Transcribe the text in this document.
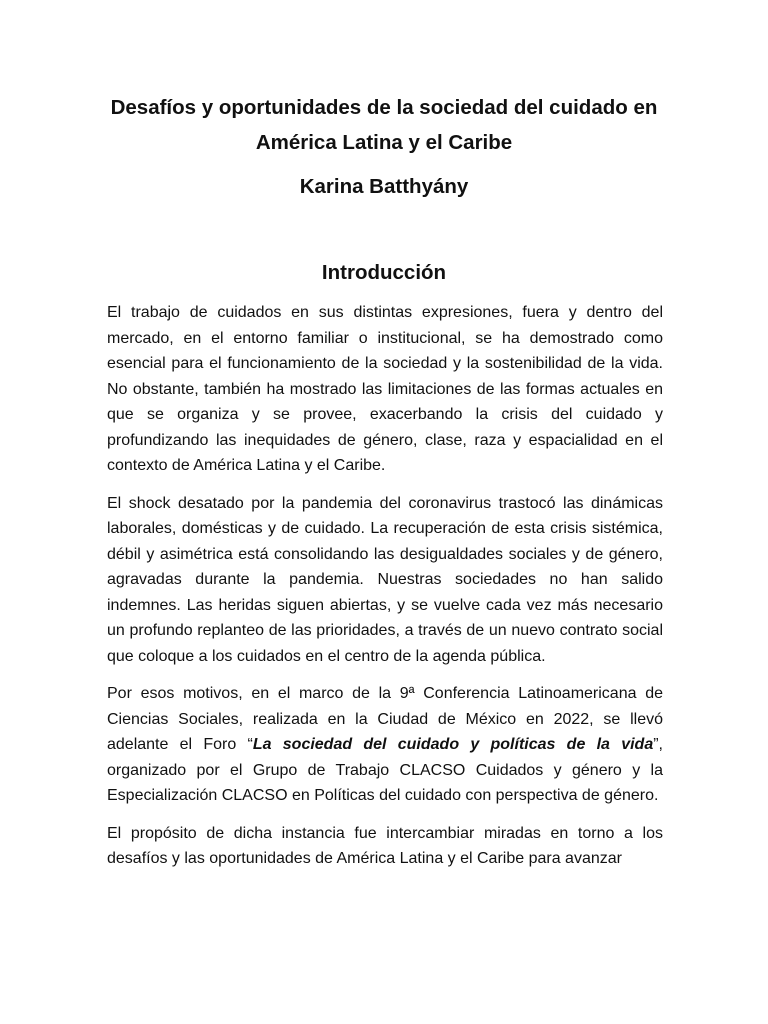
Desafíos y oportunidades de la sociedad del cuidado en América Latina y el Caribe
Karina Batthyány
Introducción

El trabajo de cuidados en sus distintas expresiones, fuera y dentro del mercado, en el entorno familiar o institucional, se ha demostrado como esencial para el funcionamiento de la sociedad y la sostenibilidad de la vida. No obstante, también ha mostrado las limitaciones de las formas actuales en que se organiza y se provee, exacerbando la crisis del cuidado y profundizando las inequidades de género, clase, raza y espacialidad en el contexto de América Latina y el Caribe.

El shock desatado por la pandemia del coronavirus trastocó las dinámicas laborales, domésticas y de cuidado. La recuperación de esta crisis sistémica, débil y asimétrica está consolidando las desigualdades sociales y de género, agravadas durante la pandemia. Nuestras sociedades no han salido indemnes. Las heridas siguen abiertas, y se vuelve cada vez más necesario un profundo replanteo de las prioridades, a través de un nuevo contrato social que coloque a los cuidados en el centro de la agenda pública.

Por esos motivos, en el marco de la 9ª Conferencia Latinoamericana de Ciencias Sociales, realizada en la Ciudad de México en 2022, se llevó adelante el Foro “La sociedad del cuidado y políticas de la vida”, organizado por el Grupo de Trabajo CLACSO Cuidados y género y la Especialización CLACSO en Políticas del cuidado con perspectiva de género.

El propósito de dicha instancia fue intercambiar miradas en torno a los desafíos y las oportunidades de América Latina y el Caribe para avanzar
